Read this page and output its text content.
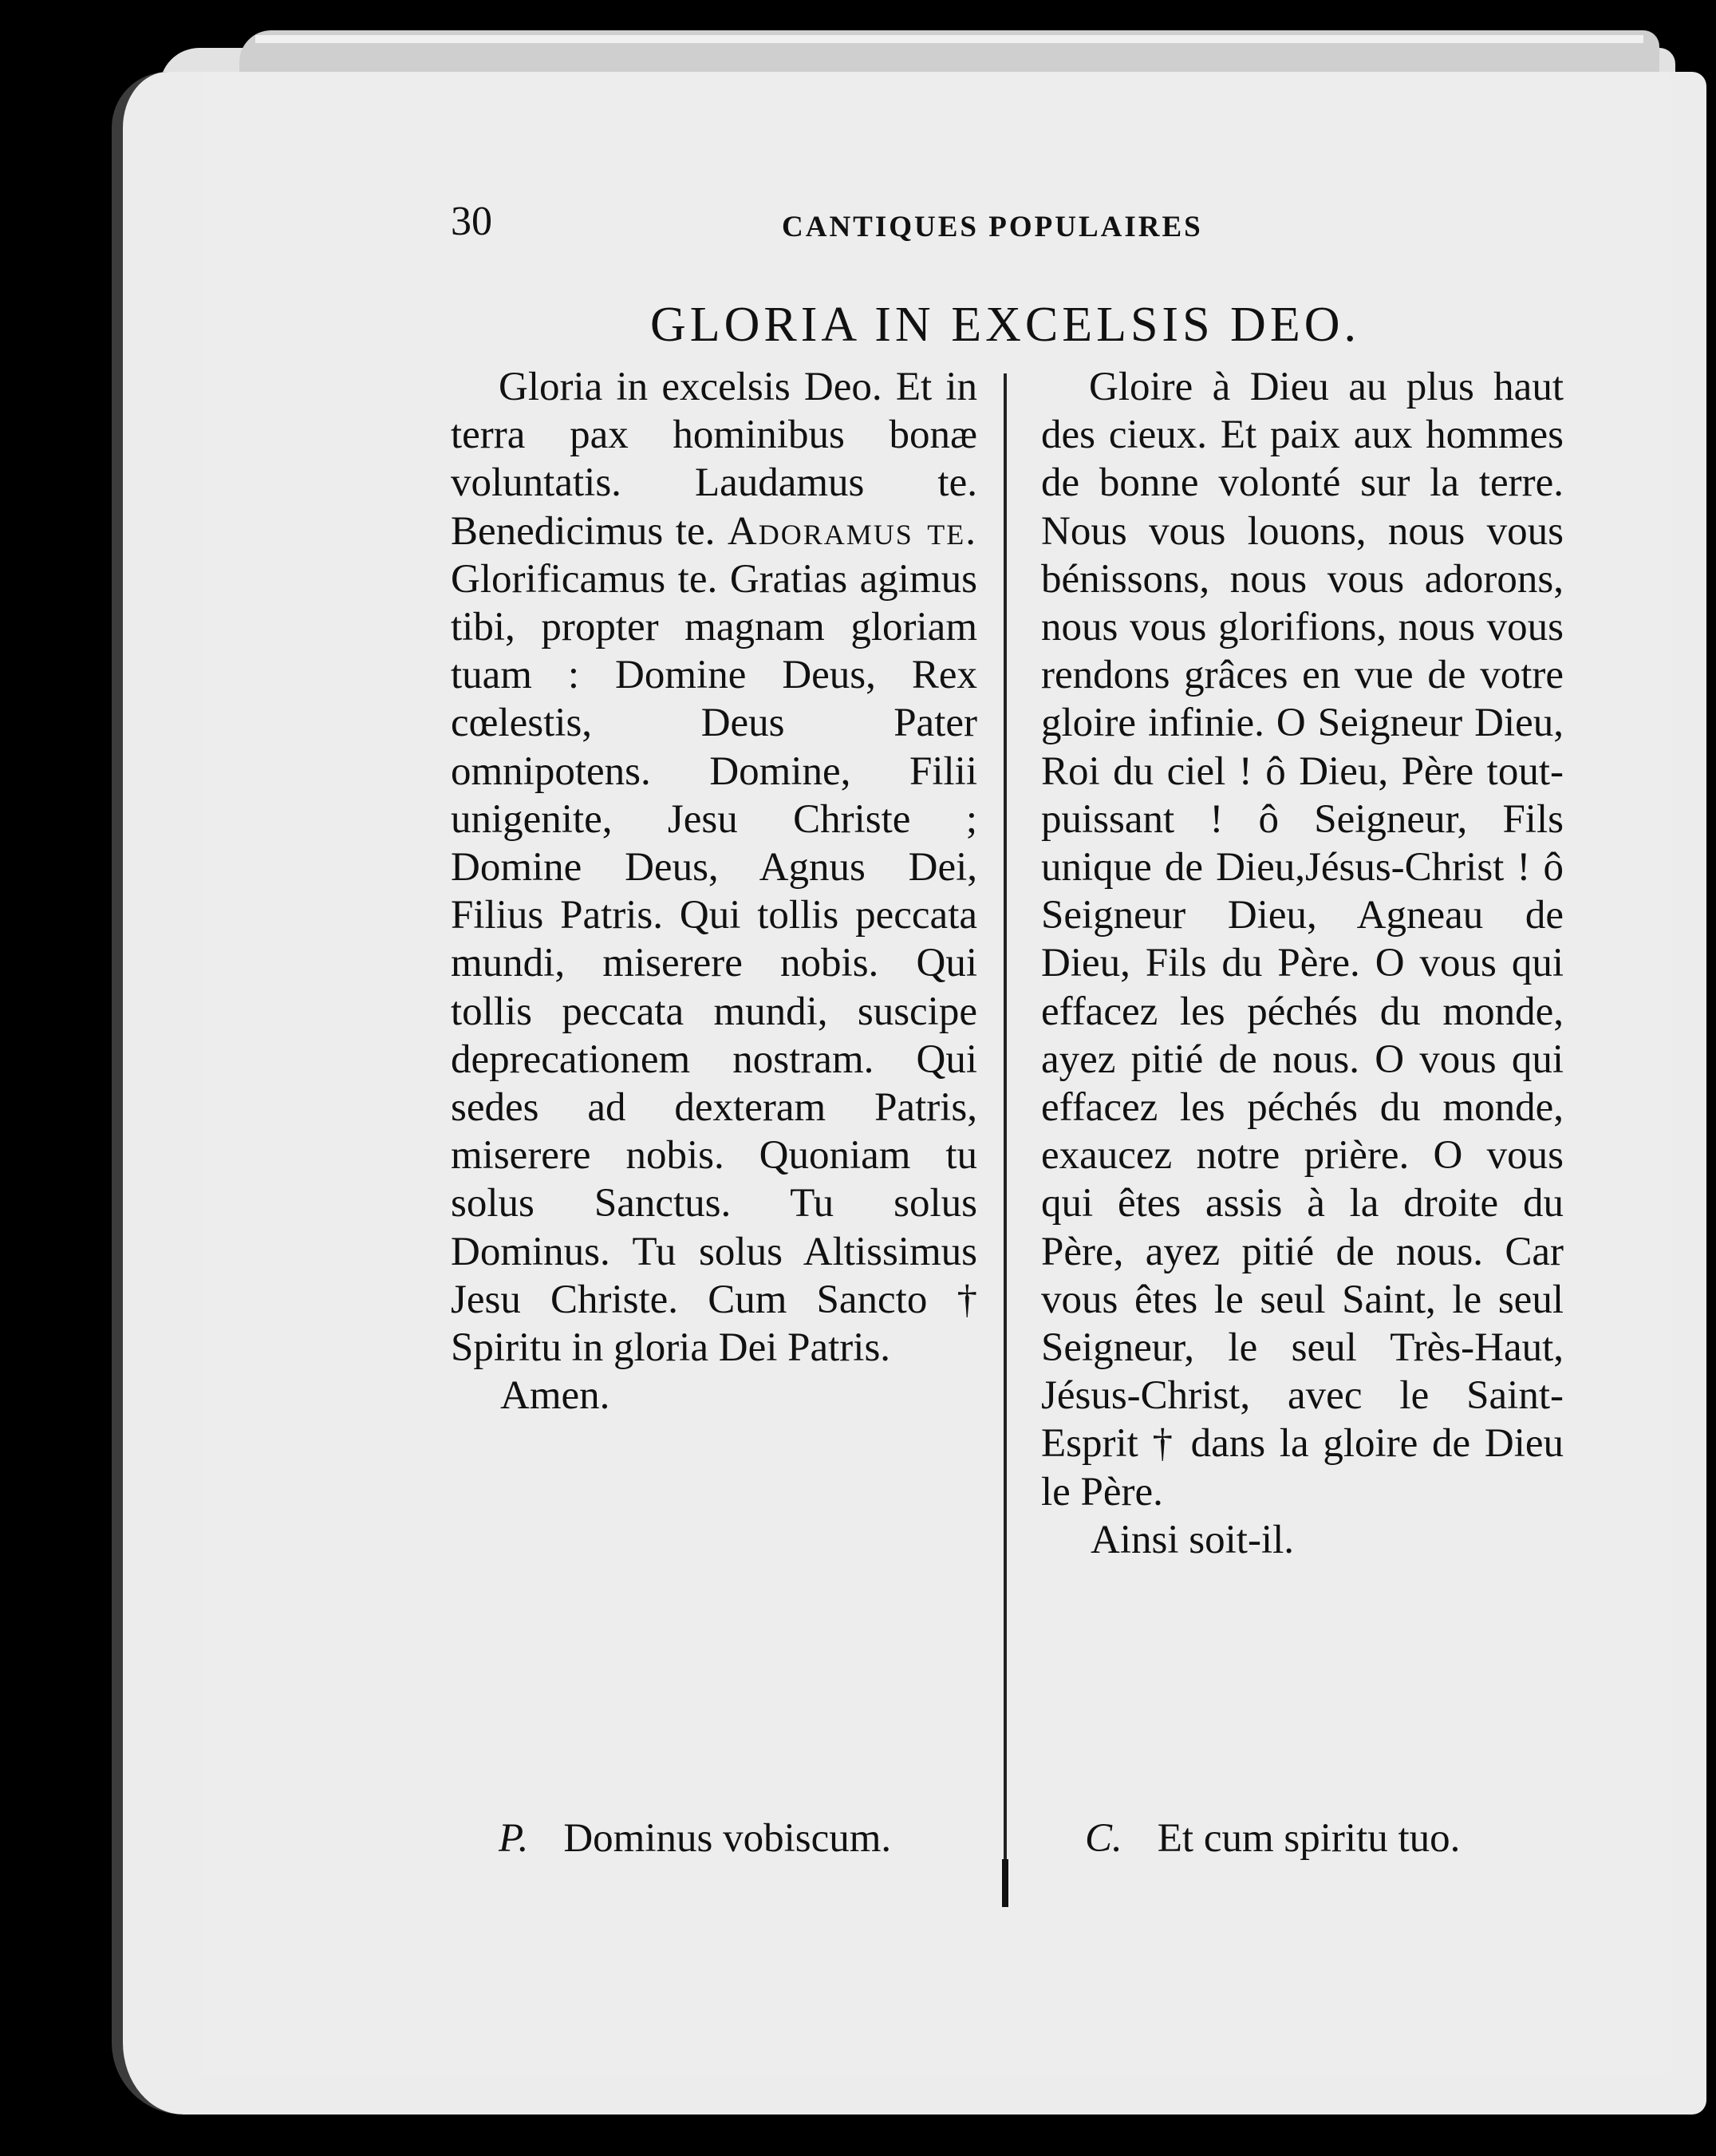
30	CANTIQUES POPULAIRES
GLORIA IN EXCELSIS DEO.

Gloria in excelsis Deo. Et in terra pax hominibus bonæ voluntatis. Laudamus te. Benedicimus te. Adoramus te. Glorificamus te. Gratias agimus tibi, propter magnam gloriam tuam : Domine Deus, Rex cœlestis, Deus Pater omnipotens. Domine, Filii unigenite, Jesu Christe ; Domine Deus, Agnus Dei, Filius Patris. Qui tollis peccata mundi, miserere nobis. Qui tollis peccata mundi, suscipe deprecationem nostram. Qui sedes ad dexteram Patris, miserere nobis. Quoniam tu solus Sanctus. Tu solus Dominus. Tu solus Altissimus Jesu Christe. Cum Sancto † Spiritu in gloria Dei Patris.

Amen.

Gloire à Dieu au plus haut des cieux. Et paix aux hommes de bonne volonté sur la terre. Nous vous louons, nous vous bénissons, nous vous adorons, nous vous glorifions, nous vous rendons grâces en vue de votre gloire infinie. O Seigneur Dieu, Roi du ciel ! ô Dieu, Père tout-puissant ! ô Seigneur, Fils unique de Dieu,Jésus-Christ ! ô Seigneur Dieu, Agneau de Dieu, Fils du Père. O vous qui effacez les péchés du monde, ayez pitié de nous. O vous qui effacez les péchés du monde, exaucez notre prière. O vous qui êtes assis à la droite du Père, ayez pitié de nous. Car vous êtes le seul Saint, le seul Seigneur, le seul Très-Haut, Jésus-Christ, avec le Saint-Esprit † dans la gloire de Dieu le Père.

Ainsi soit-il.

P. Dominus vobiscum.	C. Et cum spiritu tuo.
